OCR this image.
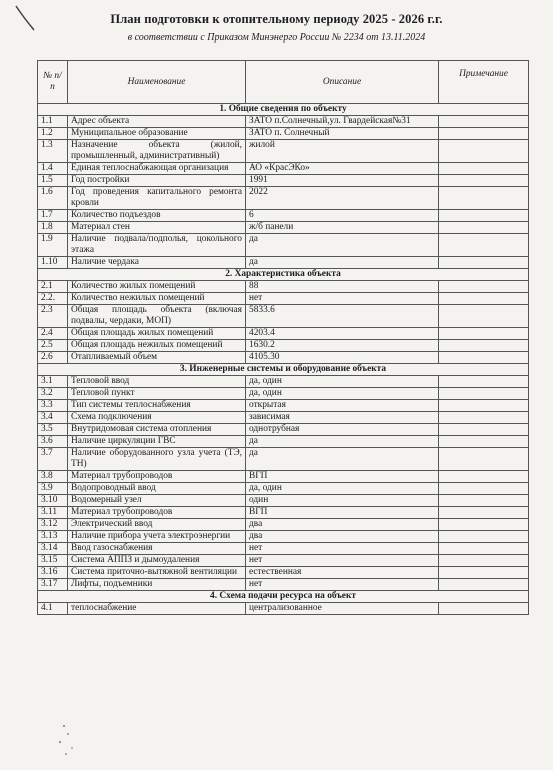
План подготовки к отопительному периоду 2025 - 2026 г.г.
в соответствии с Приказом Минэнерго России № 2234 от 13.11.2024
№ п/п	Наименование	Описание	Примечание
1. Общие сведения по объекту			
1.1	Адрес объекта	ЗАТО п.Солнечный,ул. Гвардейская№31	
1.2	Муниципальное образование	ЗАТО п. Солнечный	
1.3	Назначение объекта (жилой, промышленный, административный)	жилой	
1.4	Единая теплоснабжающая организация	АО «КрасЭКо»	
1.5	Год постройки	1991	
1.6	Год проведения капитального ремонта кровли	2022	
1.7	Количество подъездов	6	
1.8	Материал стен	ж/б панели	
1.9	Наличие подвала/подполья, цокольного этажа	да	
1.10	Наличие чердака	да	
2. Характеристика объекта			
2.1	Количество жилых помещений	88	
2.2.	Количество нежилых помещений	нет	
2.3	Общая площадь объекта (включая подвалы, чердаки, МОП)	5833.6	
2.4	Общая площадь жилых помещений	4203.4	
2.5	Общая площадь нежилых помещений	1630.2	
2.6	Отапливаемый объем	4105.30	
3. Инженерные системы и оборудование объекта			
3.1	Тепловой ввод	да, один	
3.2	Тепловой пункт	да, один	
3.3	Тип системы теплоснабжения	открытая	
3.4	Схема подключения	зависимая	
3.5	Внутридомовая система отопления	однотрубная	
3.6	Наличие циркуляции ГВС	да	
3.7	Наличие оборудованного узла учета (ТЭ, ТН)	да	
3.8	Материал трубопроводов	ВГП	
3.9	Водопроводный ввод	да, один	
3.10	Водомерный узел	один	
3.11	Материал трубопроводов	ВГП	
3.12	Электрический ввод	два	
3.13	Наличие прибора учета электроэнергии	два	
3.14	Ввод газоснабжения	нет	
3.15	Система АППЗ и дымоудаления	нет	
3.16	Система приточно-вытяжной вентиляции	естественная	
3.17	Лифты, подъемники	нет	
4. Схема подачи ресурса на объект			
4.1	теплоснабжение	централизованное	
